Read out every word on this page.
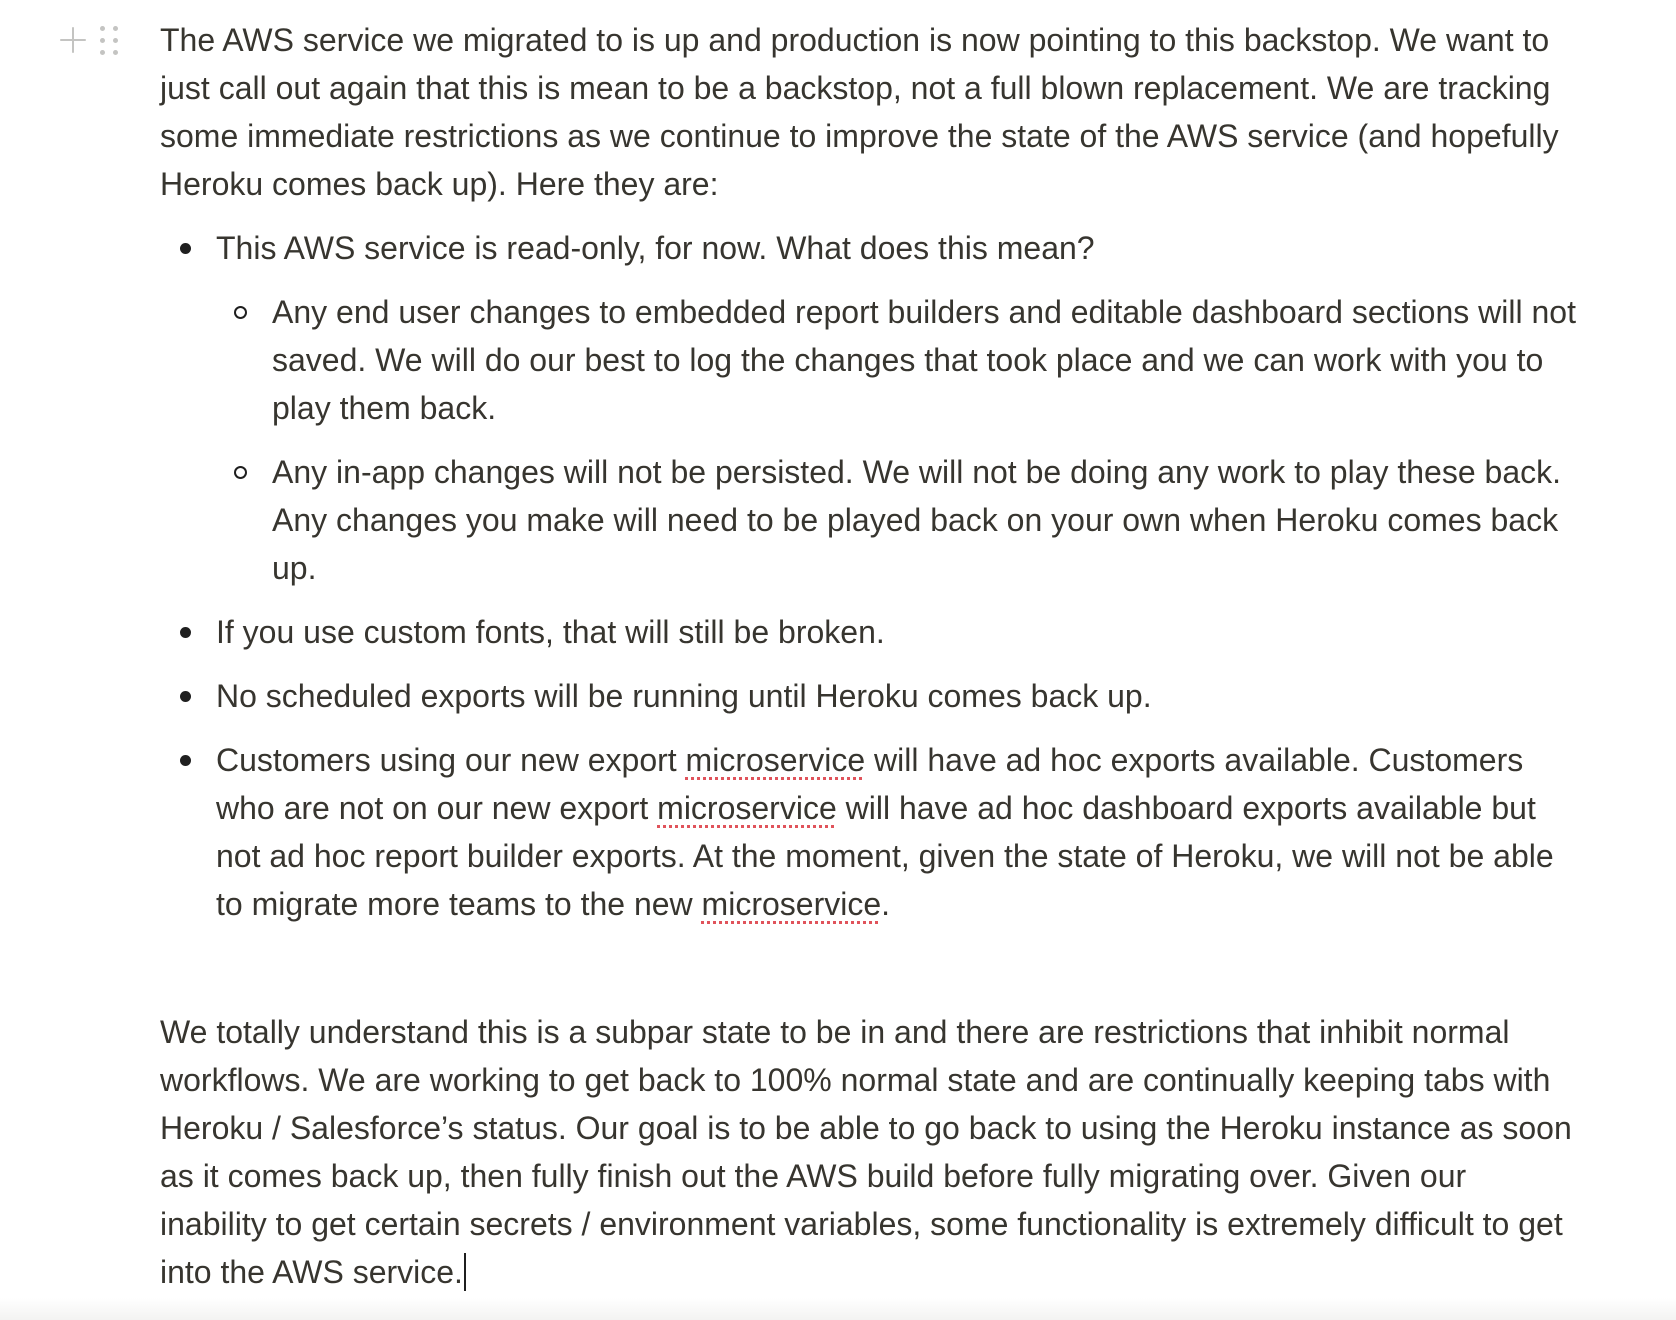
The AWS service we migrated to is up and production is now pointing to this backstop. We want to just call out again that this is mean to be a backstop, not a full blown replacement. We are tracking some immediate restrictions as we continue to improve the state of the AWS service (and hopefully Heroku comes back up). Here they are:

This AWS service is read-only, for now. What does this mean?
Any end user changes to embedded report builders and editable dashboard sections will not saved. We will do our best to log the changes that took place and we can work with you to play them back.
Any in-app changes will not be persisted. We will not be doing any work to play these back. Any changes you make will need to be played back on your own when Heroku comes back up.
If you use custom fonts, that will still be broken.
No scheduled exports will be running until Heroku comes back up.
Customers using our new export microservice will have ad hoc exports available. Customers who are not on our new export microservice will have ad hoc dashboard exports available but not ad hoc report builder exports. At the moment, given the state of Heroku, we will not be able to migrate more teams to the new microservice.

We totally understand this is a subpar state to be in and there are restrictions that inhibit normal workflows. We are working to get back to 100% normal state and are continually keeping tabs with Heroku / Salesforce’s status. Our goal is to be able to go back to using the Heroku instance as soon as it comes back up, then fully finish out the AWS build before fully migrating over. Given our inability to get certain secrets / environment variables, some functionality is extremely difficult to get into the AWS service.
